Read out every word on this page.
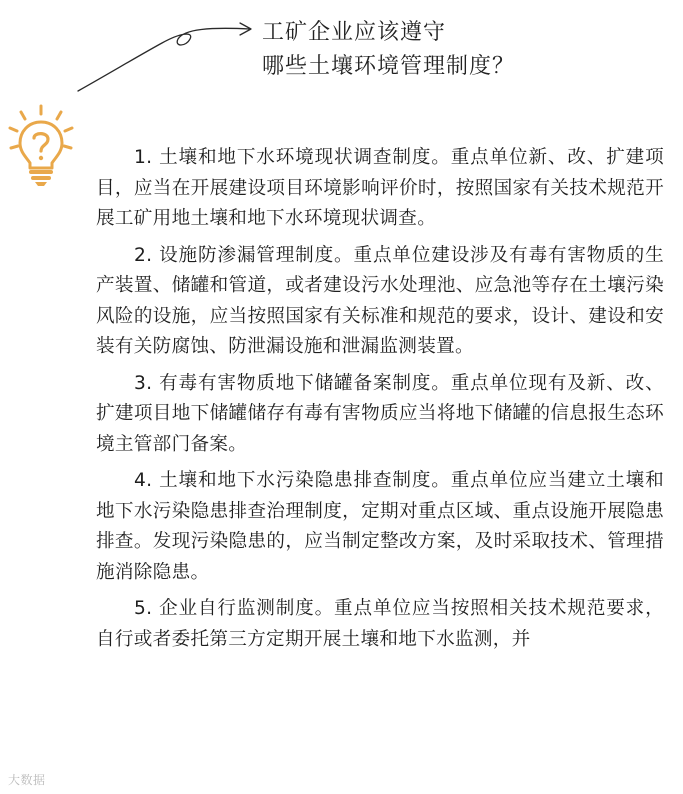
工矿企业应该遵守
哪些土壤环境管理制度？

1. 土壤和地下水环境现状调查制度。重点单位新、改、扩建项目，应当在开展建设项目环境影响评价时，按照国家有关技术规范开展工矿用地土壤和地下水环境现状调查。

2. 设施防渗漏管理制度。重点单位建设涉及有毒有害物质的生产装置、储罐和管道，或者建设污水处理池、应急池等存在土壤污染风险的设施，应当按照国家有关标准和规范的要求，设计、建设和安装有关防腐蚀、防泄漏设施和泄漏监测装置。

3. 有毒有害物质地下储罐备案制度。重点单位现有及新、改、扩建项目地下储罐储存有毒有害物质应当将地下储罐的信息报生态环境主管部门备案。

4. 土壤和地下水污染隐患排查制度。重点单位应当建立土壤和地下水污染隐患排查治理制度，定期对重点区域、重点设施开展隐患排查。发现污染隐患的，应当制定整改方案，及时采取技术、管理措施消除隐患。

5. 企业自行监测制度。重点单位应当按照相关技术规范要求，自行或者委托第三方定期开展土壤和地下水监测，并

大数据
